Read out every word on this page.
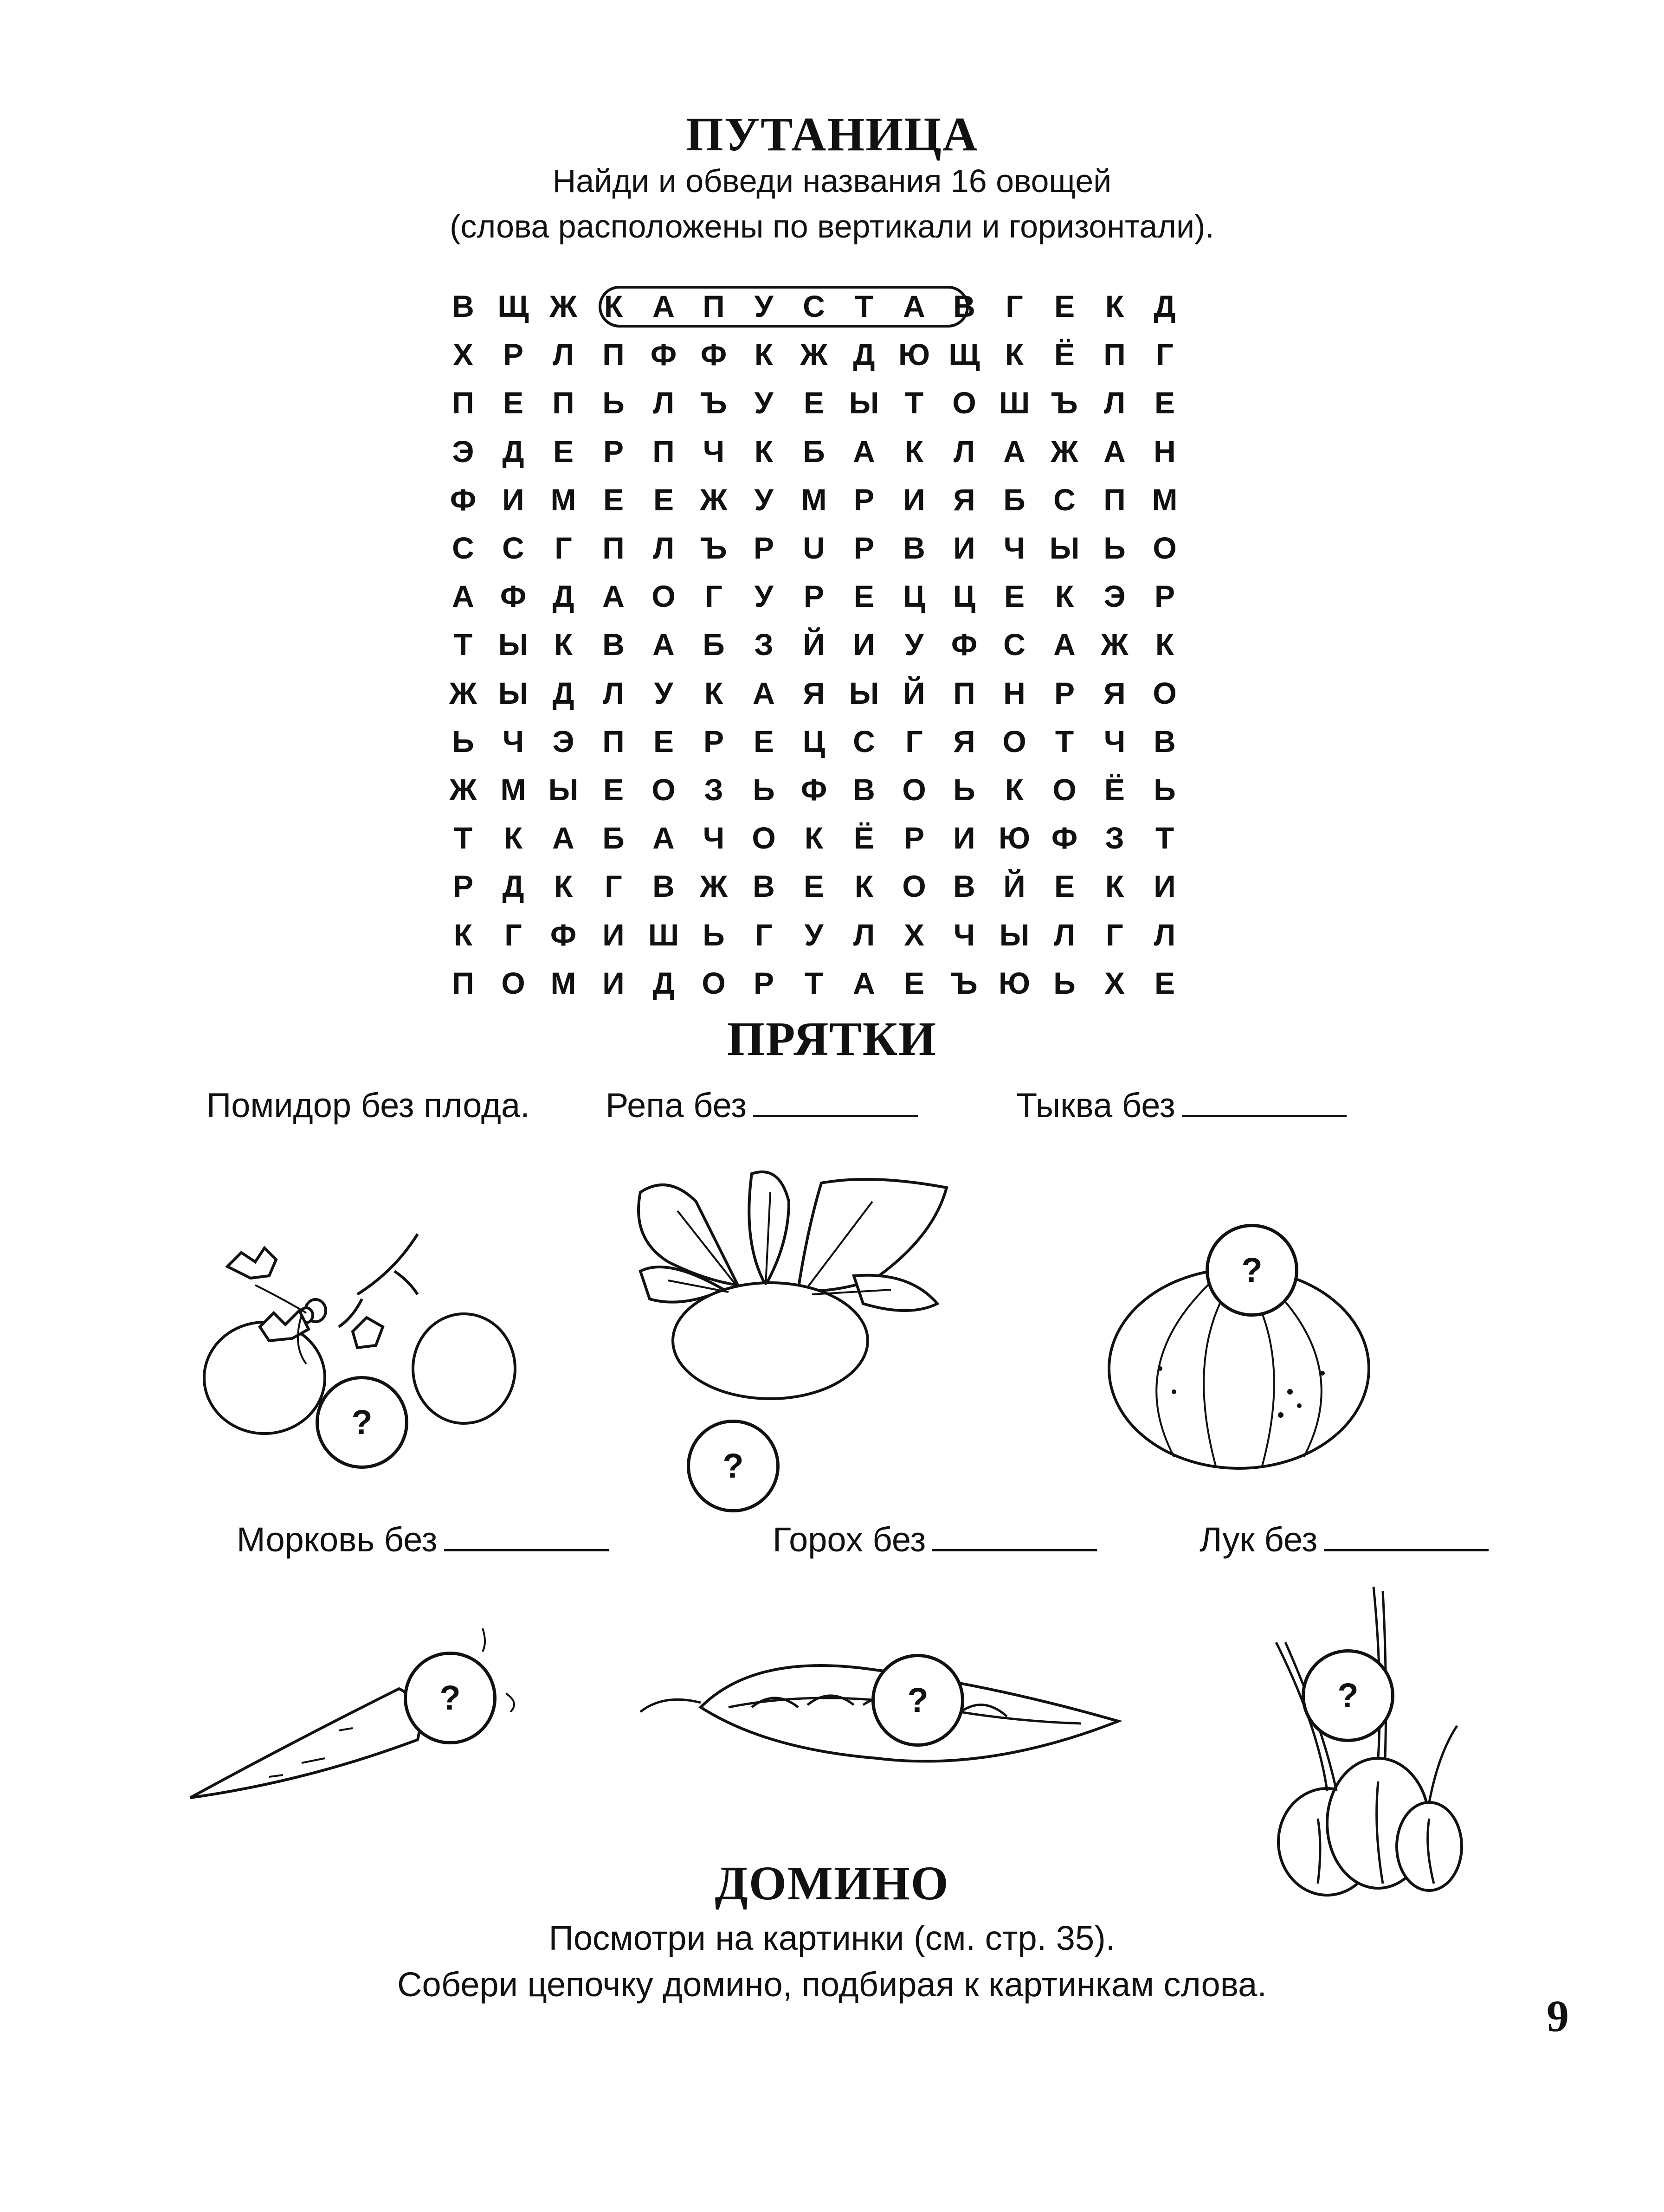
ПУТАНИЦА
Найди и обведи названия 16 овощей
(слова расположены по вертикали и горизонтали).
В Щ Ж К А П У С Т А В Г	Е К Д
Х Р Л П Ф Ф К Ж Д Ю Щ К Ё П Г
П Е П Ь Л Ъ У Е Ы Т О Ш Ъ Л Е
Э Д Е Р П Ч К Б А К Л А Ж А Н
Ф И М Е Е Ж У М Р И Я Б С П М
С С Г П Л Ъ Р U Р В И Ч Ы Ь О
А Ф Д А О Г	У Р Е Ц Ц Е К Э Р
Т Ы К В А Б З Й И У Ф С А Ж К
Ж Ы Д Л У	К А Я Ы Й П Н Р Я О
Ь Ч Э П Е Р Е Ц С Г Я О Т Ч В
Ж М Ы Е О З Ь Ф В О Ь К О Ё Ь
Т	К А Б А Ч О К Ё Р И Ю Ф З	Т
Р Д К	Г В Ж В Е К О В Й Е К И
К	Г Ф И Ш Ь Г	У Л Х Ч Ы Л	Г	Л
П О М И Д О Р Т А Е Ъ Ю Ь Х Е
ПРЯТКИ
Помидор без плода. Репа без	Тыква без
?
?
?
Морковь без	Горох без	Лук без
?	?	?
ДОМИНО
Посмотри на картинки (см. стр. 35).
Собери цепочку домино, подбирая к картинкам слова.
9
